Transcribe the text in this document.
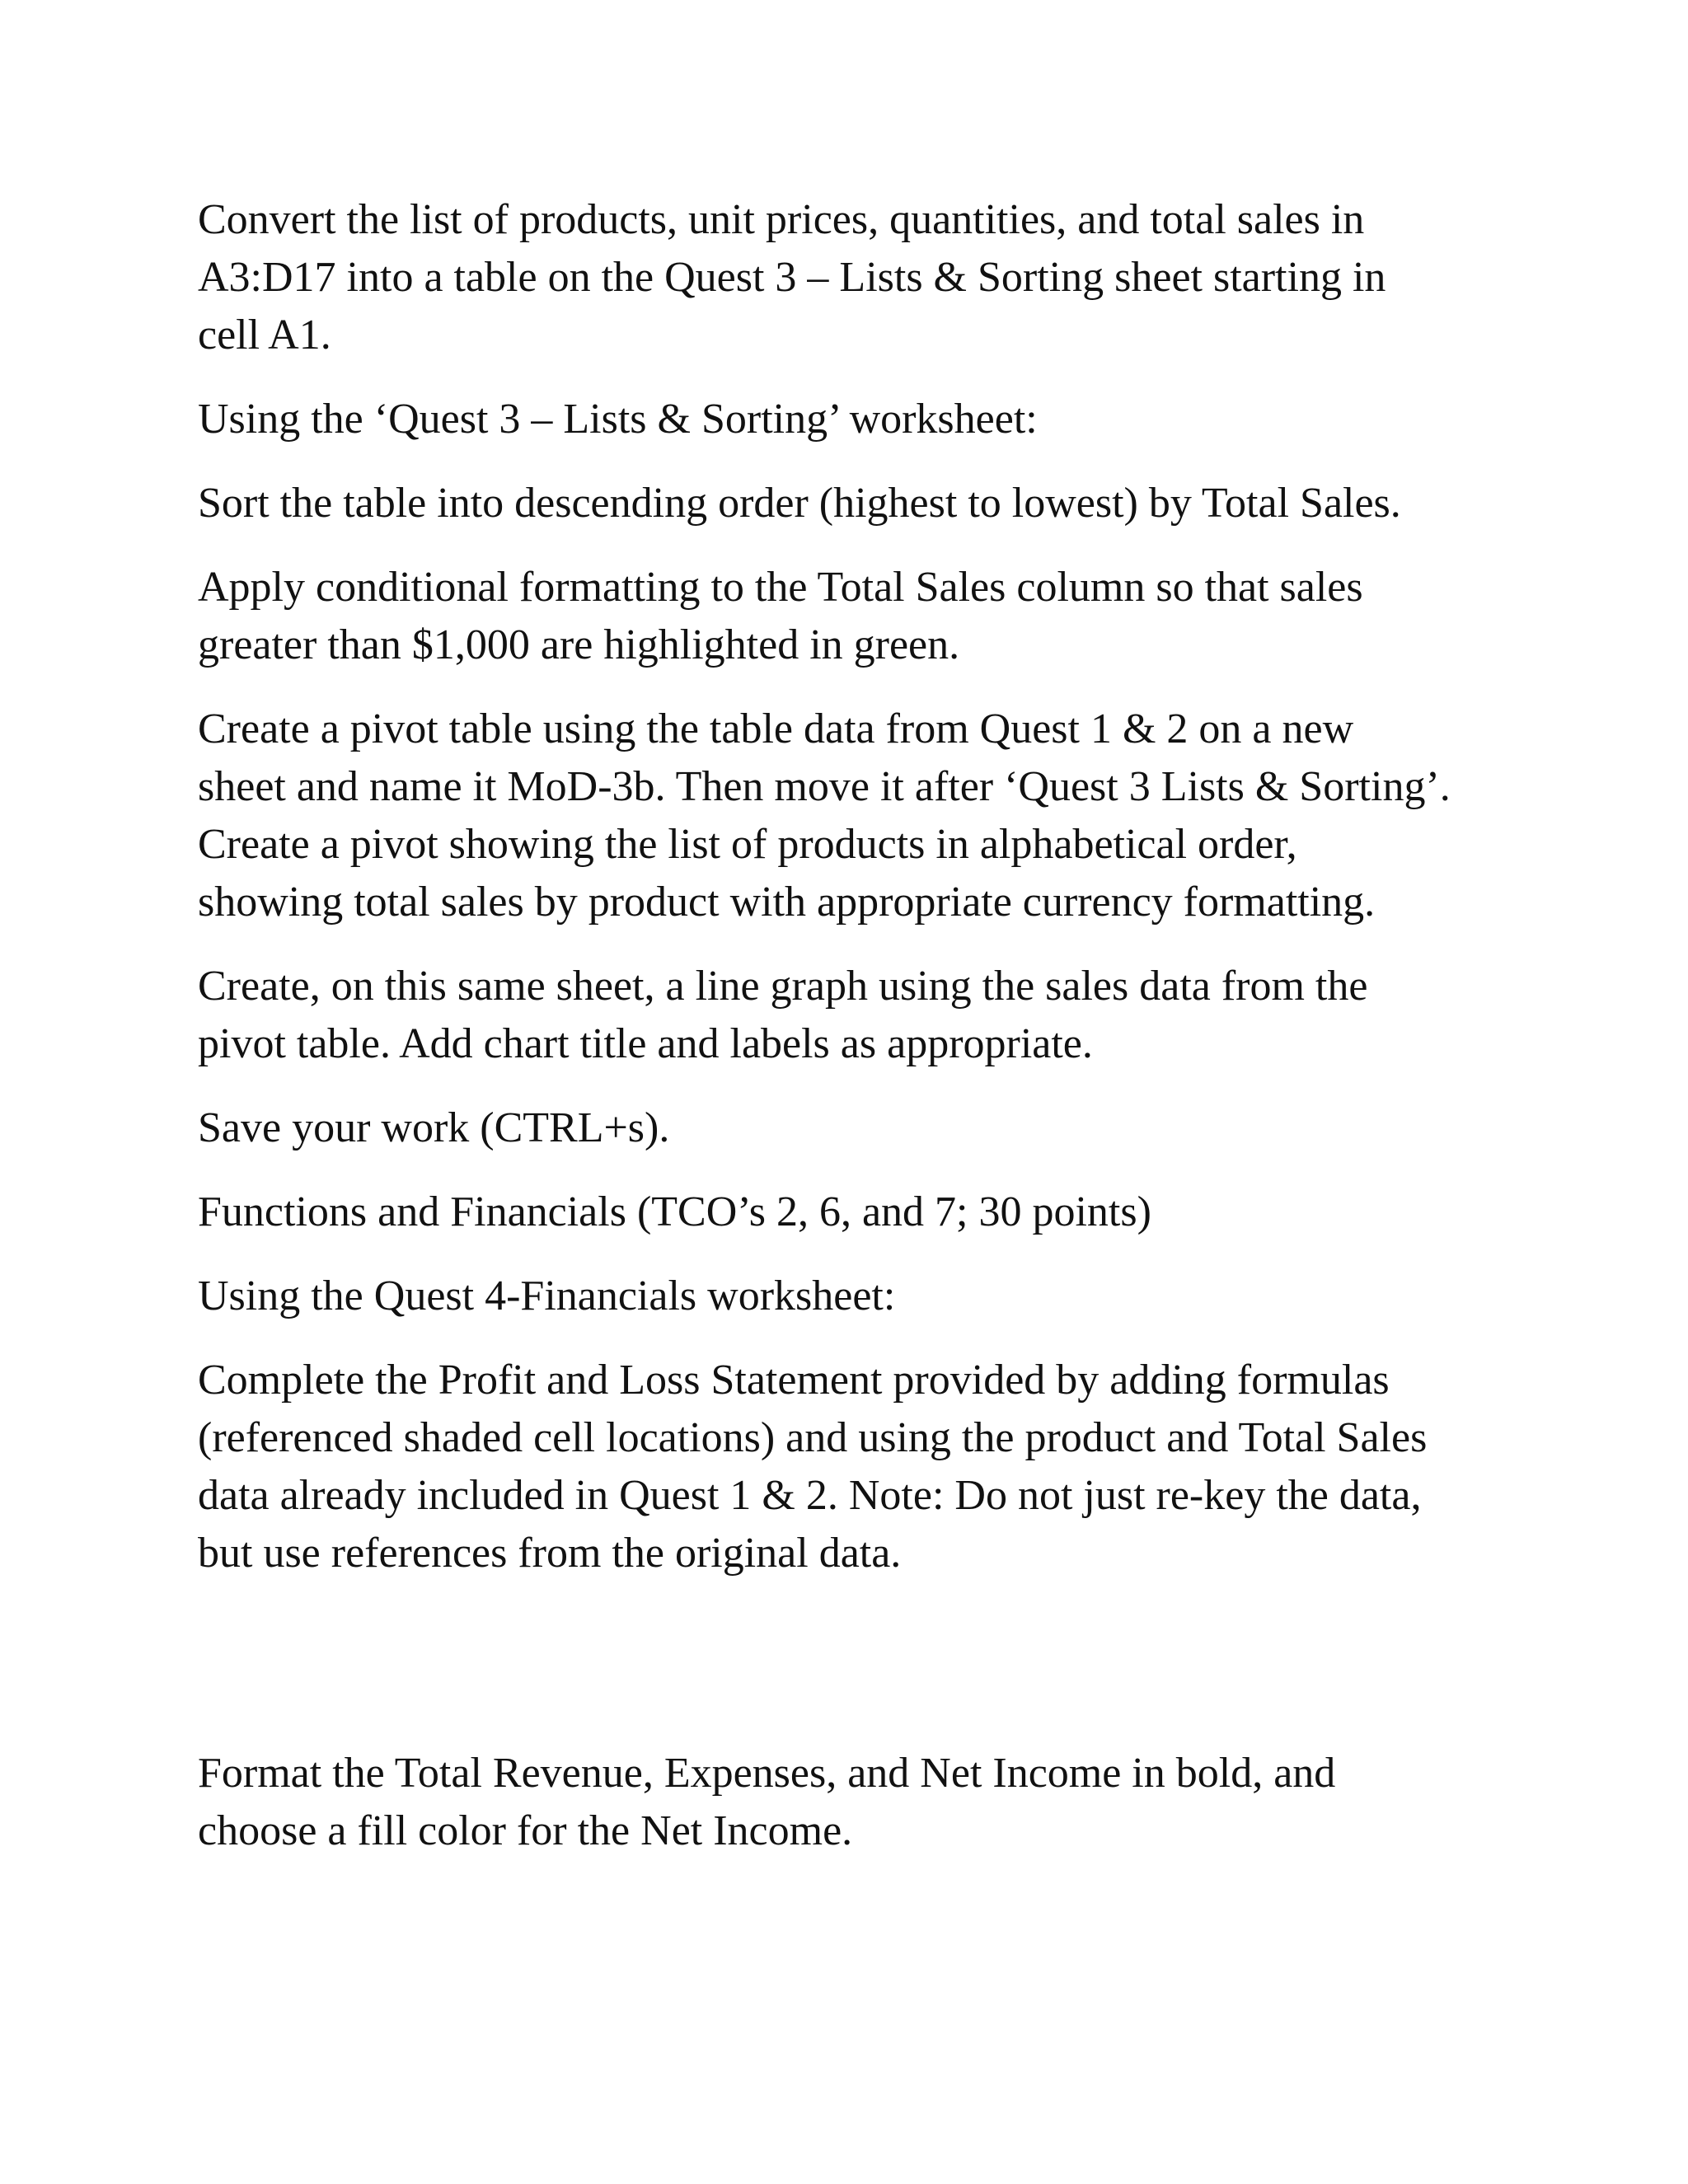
Convert the list of products, unit prices, quantities, and total sales in
A3:D17 into a table on the Quest 3 – Lists & Sorting sheet starting in
cell A1.

Using the ‘Quest 3 – Lists & Sorting’ worksheet:

Sort the table into descending order (highest to lowest) by Total Sales.

Apply conditional formatting to the Total Sales column so that sales
greater than $1,000 are highlighted in green.

Create a pivot table using the table data from Quest 1 & 2 on a new
sheet and name it MoD-3b. Then move it after ‘Quest 3 Lists & Sorting’.
Create a pivot showing the list of products in alphabetical order,
showing total sales by product with appropriate currency formatting.

Create, on this same sheet, a line graph using the sales data from the
pivot table. Add chart title and labels as appropriate.

Save your work (CTRL+s).

Functions and Financials (TCO’s 2, 6, and 7; 30 points)

Using the Quest 4-Financials worksheet:

Complete the Profit and Loss Statement provided by adding formulas
(referenced shaded cell locations) and using the product and Total Sales
data already included in Quest 1 & 2. Note: Do not just re-key the data,
but use references from the original data.

Format the Total Revenue, Expenses, and Net Income in bold, and
choose a fill color for the Net Income.
